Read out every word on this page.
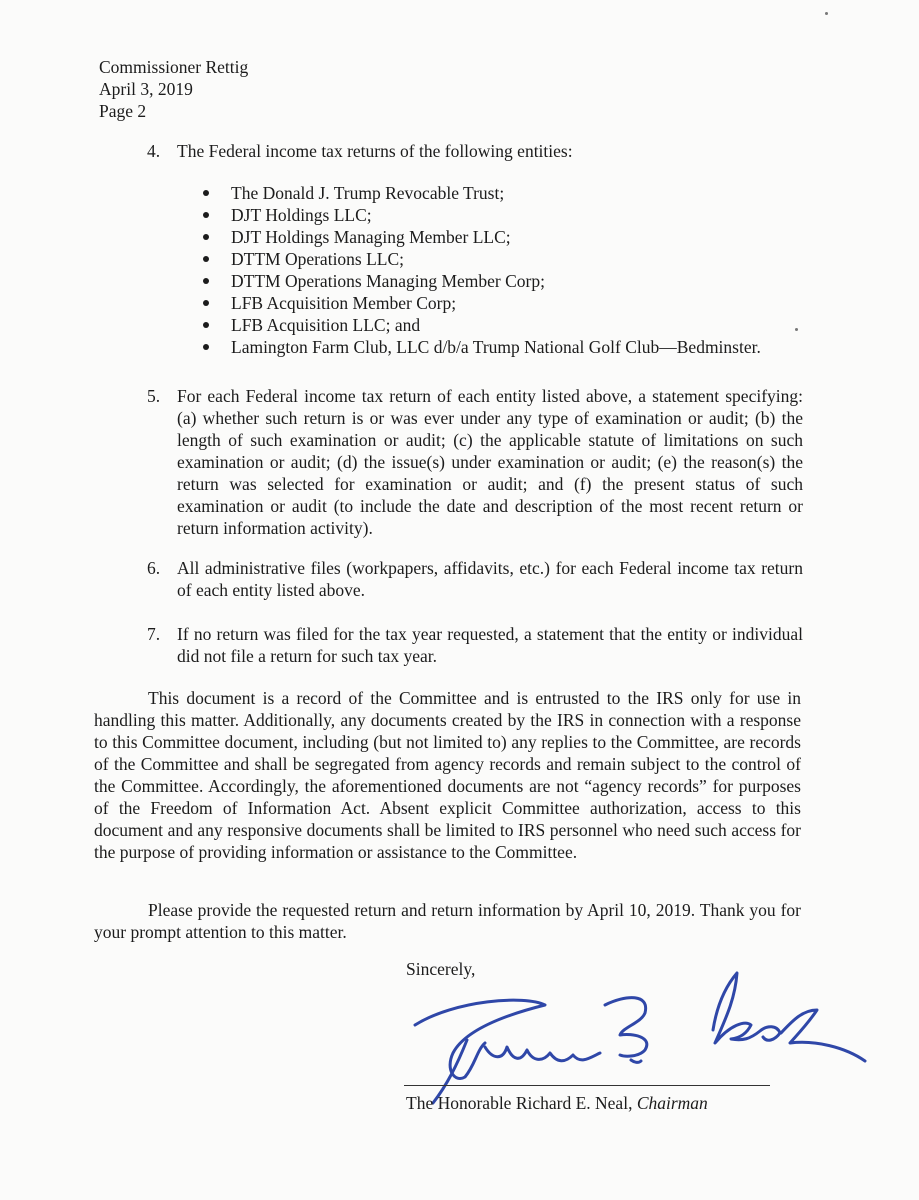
Commissioner Rettig
April 3, 2019
Page 2
4. The Federal income tax returns of the following entities:
The Donald J. Trump Revocable Trust;
DJT Holdings LLC;
DJT Holdings Managing Member LLC;
DTTM Operations LLC;
DTTM Operations Managing Member Corp;
LFB Acquisition Member Corp;
LFB Acquisition LLC; and
Lamington Farm Club, LLC d/b/a Trump National Golf Club—Bedminster.
5. For each Federal income tax return of each entity listed above, a statement specifying: (a) whether such return is or was ever under any type of examination or audit; (b) the length of such examination or audit; (c) the applicable statute of limitations on such examination or audit; (d) the issue(s) under examination or audit; (e) the reason(s) the return was selected for examination or audit; and (f) the present status of such examination or audit (to include the date and description of the most recent return or return information activity).
6. All administrative files (workpapers, affidavits, etc.) for each Federal income tax return of each entity listed above.
7. If no return was filed for the tax year requested, a statement that the entity or individual did not file a return for such tax year.
This document is a record of the Committee and is entrusted to the IRS only for use in handling this matter. Additionally, any documents created by the IRS in connection with a response to this Committee document, including (but not limited to) any replies to the Committee, are records of the Committee and shall be segregated from agency records and remain subject to the control of the Committee. Accordingly, the aforementioned documents are not “agency records” for purposes of the Freedom of Information Act. Absent explicit Committee authorization, access to this document and any responsive documents shall be limited to IRS personnel who need such access for the purpose of providing information or assistance to the Committee.
Please provide the requested return and return information by April 10, 2019. Thank you for your prompt attention to this matter.
Sincerely,
The Honorable Richard E. Neal, Chairman
